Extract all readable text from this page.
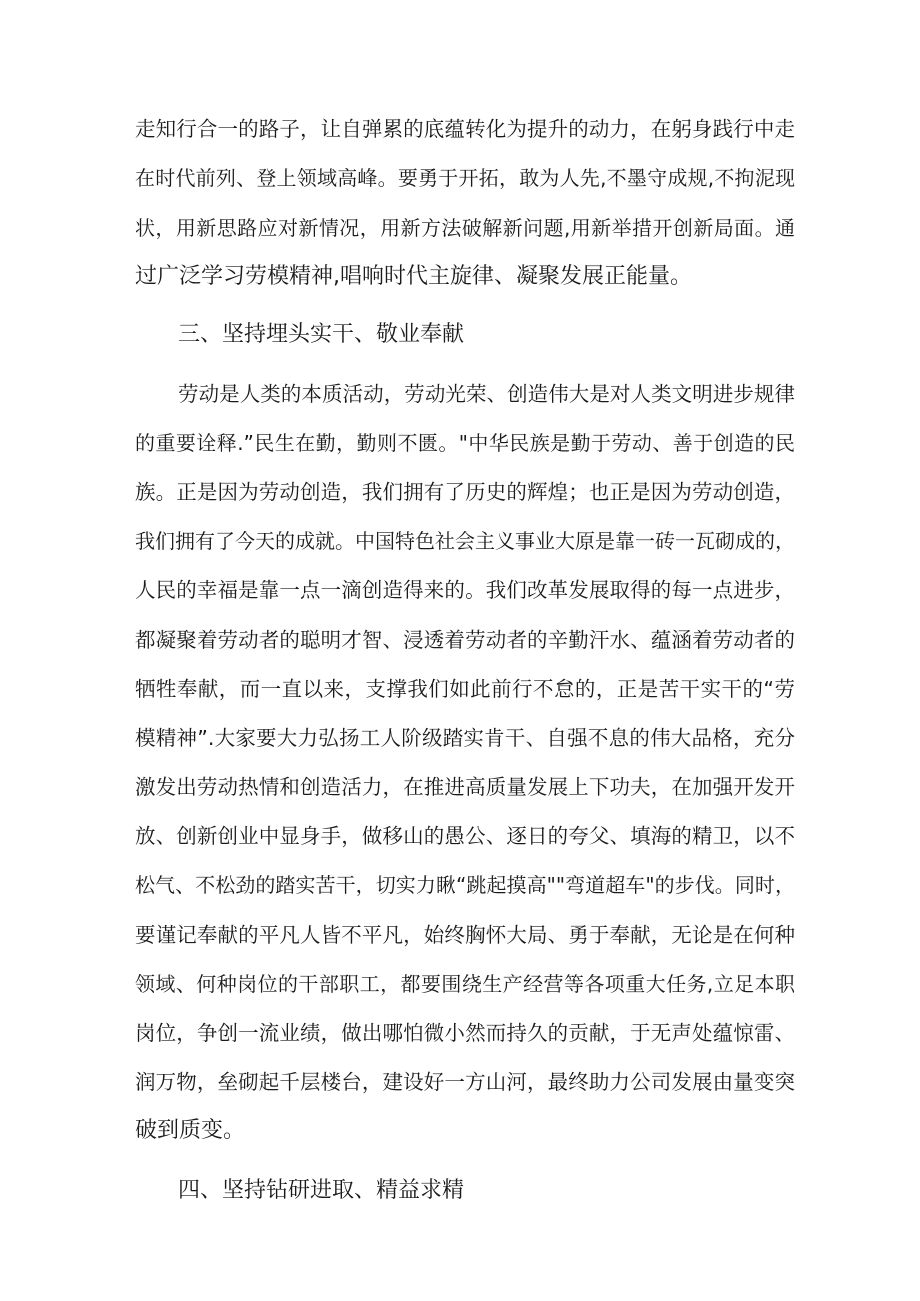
走知行合一的路子，让自弹累的底蕴转化为提升的动力，在躬身践行中走
在时代前列、登上领域高峰。要勇于开拓，敢为人先,不墨守成规,不拘泥现
状，用新思路应对新情况，用新方法破解新问题,用新举措开创新局面。通
过广泛学习劳模精神,唱响时代主旋律、凝聚发展正能量。
三、坚持埋头实干、敬业奉献
劳动是人类的本质活动，劳动光荣、创造伟大是对人类文明进步规律
的重要诠释.”民生在勤，勤则不匮。"中华民族是勤于劳动、善于创造的民
族。正是因为劳动创造，我们拥有了历史的辉煌；也正是因为劳动创造，
我们拥有了今天的成就。中国特色社会主义事业大原是靠一砖一瓦砌成的，
人民的幸福是靠一点一滴创造得来的。我们改革发展取得的每一点进步，
都凝聚着劳动者的聪明才智、浸透着劳动者的辛勤汗水、蕴涵着劳动者的
牺牲奉献，而一直以来，支撑我们如此前行不怠的，正是苦干实干的“劳
模精神”.大家要大力弘扬工人阶级踏实肯干、自强不息的伟大品格，充分
激发出劳动热情和创造活力，在推进高质量发展上下功夫，在加强开发开
放、创新创业中显身手，做移山的愚公、逐日的夸父、填海的精卫，以不
松气、不松劲的踏实苦干，切实力瞅“跳起摸高""弯道超车"的步伐。同时，
要谨记奉献的平凡人皆不平凡，始终胸怀大局、勇于奉献，无论是在何种
领域、何种岗位的干部职工，都要围绕生产经营等各项重大任务,立足本职
岗位，争创一流业绩，做出哪怕微小然而持久的贡献，于无声处蕴惊雷、
润万物，垒砌起千层楼台，建设好一方山河，最终助力公司发展由量变突
破到质变。
四、坚持钻研进取、精益求精
